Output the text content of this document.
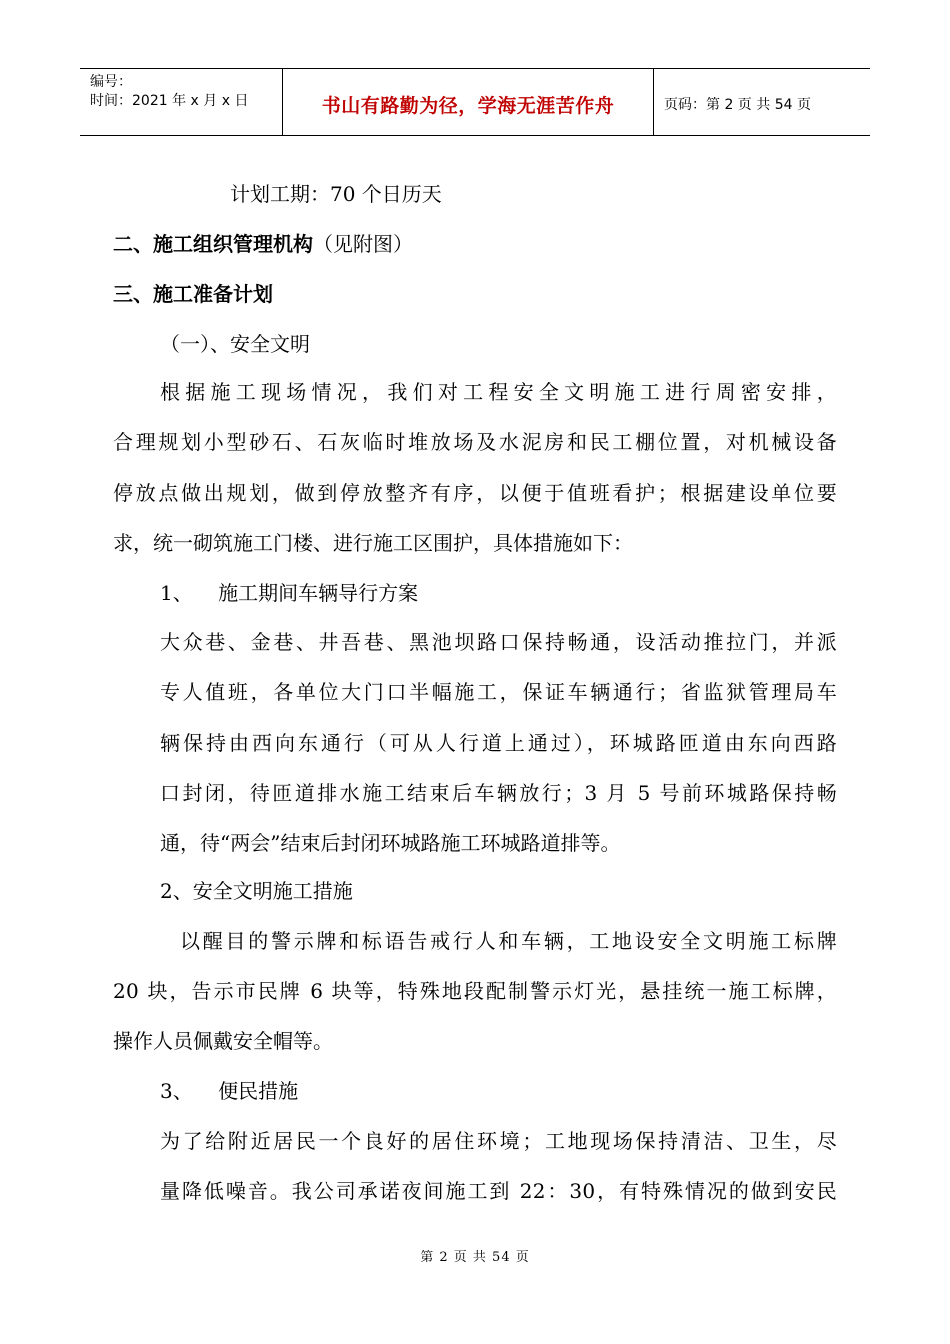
编号：
时间：2021 年 x 月 x 日	书山有路勤为径，学海无涯苦作舟	页码：第 2 页 共 54 页
计划工期：70 个日历天
二、施工组织管理机构（见附图）
三、施工准备计划
（一）、安全文明
根据施工现场情况，我们对工程安全文明施工进行周密安排，
合理规划小型砂石、石灰临时堆放场及水泥房和民工棚位置，对机械设备
停放点做出规划，做到停放整齐有序，以便于值班看护；根据建设单位要
求，统一砌筑施工门楼、进行施工区围护，具体措施如下：
1、    施工期间车辆导行方案
大众巷、金巷、井吾巷、黑池坝路口保持畅通，设活动推拉门，并派
专人值班，各单位大门口半幅施工，保证车辆通行；省监狱管理局车
辆保持由西向东通行（可从人行道上通过），环城路匝道由东向西路
口封闭，待匝道排水施工结束后车辆放行；3 月 5 号前环城路保持畅
通，待“两会”结束后封闭环城路施工环城路道排等。
2、安全文明施工措施
以醒目的警示牌和标语告戒行人和车辆，工地设安全文明施工标牌
20 块，告示市民牌 6 块等，特殊地段配制警示灯光，悬挂统一施工标牌，
操作人员佩戴安全帽等。
3、    便民措施
为了给附近居民一个良好的居住环境；工地现场保持清洁、卫生，尽
量降低噪音。我公司承诺夜间施工到 22：30，有特殊情况的做到安民
第 2 页 共 54 页
